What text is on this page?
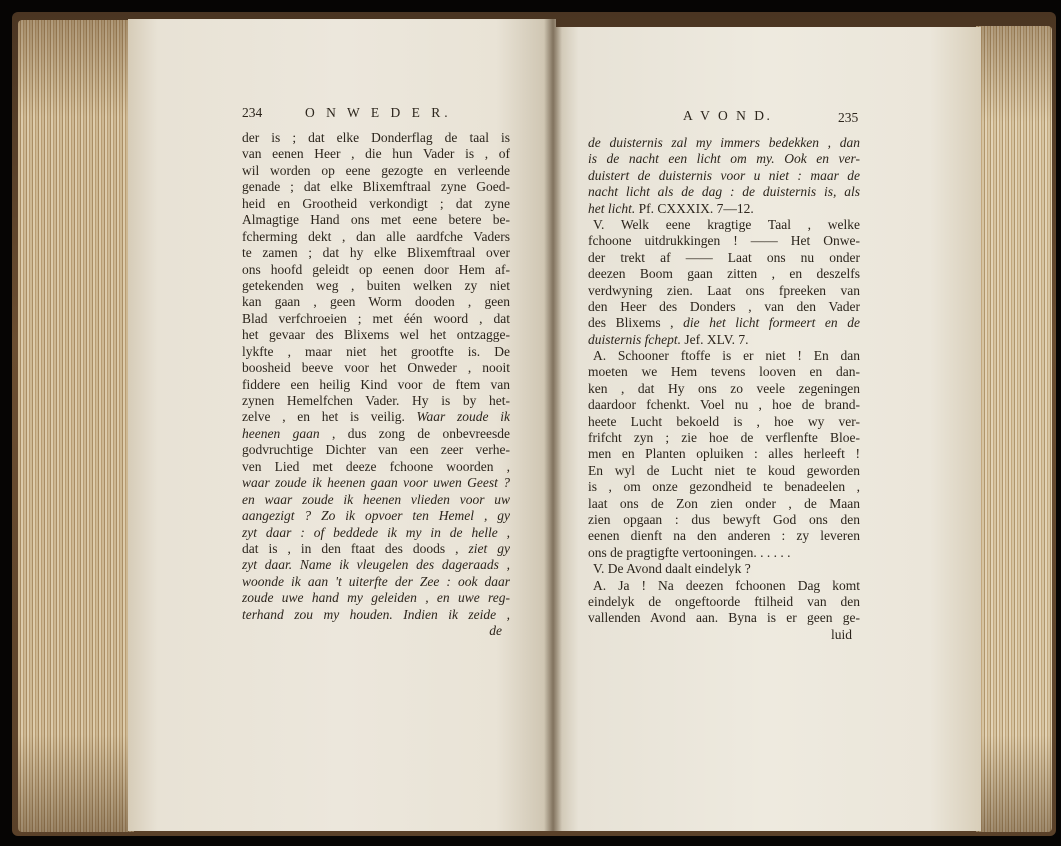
234	O N W E D E R.	A V O N D.	235
der is ; dat elke Donderflag de taal is
van eenen Heer , die hun Vader is , of
wil worden op eene gezogte en verleende
genade ; dat elke Blixemftraal zyne Goed-
heid en Grootheid verkondigt ; dat zyne
Almagtige Hand ons met eene betere be-
fcherming dekt , dan alle aardfche Vaders
te zamen ; dat hy elke Blixemftraal over
ons hoofd geleidt op eenen door Hem af-
getekenden weg , buiten welken zy niet
kan gaan , geen Worm dooden , geen
Blad verfchroeien ; met één woord , dat
het gevaar des Blixems wel het ontzagge-
lykfte , maar niet het grootfte is. De
boosheid beeve voor het Onweder , nooit
fiddere een heilig Kind voor de ftem van
zynen Hemelfchen Vader. Hy is by het-
zelve , en het is veilig. Waar zoude ik
heenen gaan , dus zong de onbevreesde
godvruchtige Dichter van een zeer verhe-
ven Lied met deeze fchoone woorden ,
waar zoude ik heenen gaan voor uwen Geest ?
en waar zoude ik heenen vlieden voor uw
aangezigt ? Zo ik opvoer ten Hemel , gy
zyt daar : of beddede ik my in de helle ,
dat is , in den ftaat des doods , ziet gy
zyt daar. Name ik vleugelen des dageraads ,
woonde ik aan 't uiterfte der Zee : ook daar
zoude uwe hand my geleiden , en uwe reg-
terhand zou my houden. Indien ik zeide ,
de
de duisternis zal my immers bedekken , dan
is de nacht een licht om my. Ook en ver-
duistert de duisternis voor u niet : maar de
nacht licht als de dag : de duisternis is, als
het licht. Pf. CXXXIX. 7—12.
V. Welk eene kragtige Taal , welke
fchoone uitdrukkingen ! —— Het Onwe-
der trekt af —— Laat ons nu onder
deezen Boom gaan zitten , en deszelfs
verdwyning zien. Laat ons fpreeken van
den Heer des Donders , van den Vader
des Blixems , die het licht formeert en de
duisternis fchept. Jef. XLV. 7.
A. Schooner ftoffe is er niet ! En dan
moeten we Hem tevens looven en dan-
ken , dat Hy ons zo veele zegeningen
daardoor fchenkt. Voel nu , hoe de brand-
heete Lucht bekoeld is , hoe wy ver-
frifcht zyn ; zie hoe de verflenfte Bloe-
men en Planten opluiken : alles herleeft !
En wyl de Lucht niet te koud geworden
is , om onze gezondheid te benadeelen ,
laat ons de Zon zien onder , de Maan
zien opgaan : dus bewyft God ons den
eenen dienft na den anderen : zy leveren
ons de pragtigfte vertooningen. . . . . .
V. De Avond daalt eindelyk ?
A. Ja ! Na deezen fchoonen Dag komt
eindelyk de ongeftoorde ftilheid van den
vallenden Avond aan. Byna is er geen ge-
luid
